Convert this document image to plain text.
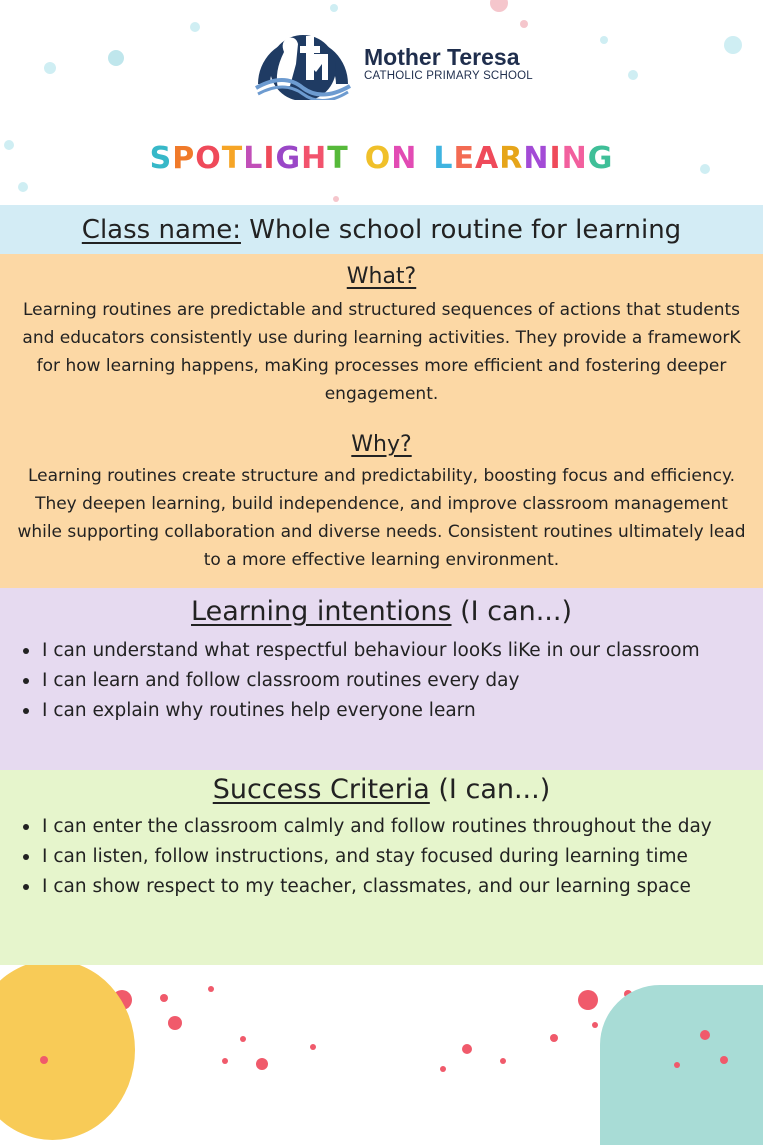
Mother Teresa
CATHOLIC PRIMARY SCHOOL
SPOTLIGHT ON LEARNING
Class name: Whole school routine for learning
What?
Learning routines are predictable and structured sequences of actions that students and educators consistently use during learning activities. They provide a frameworK for how learning happens, maKing processes more efficient and fostering deeper engagement.
Why?
Learning routines create structure and predictability, boosting focus and efficiency. They deepen learning, build independence, and improve classroom management while supporting collaboration and diverse needs. Consistent routines ultimately lead to a more effective learning environment.
Learning intentions (I can...)
I can understand what respectful behaviour looKs liKe in our classroom
I can learn and follow classroom routines every day
I can explain why routines help everyone learn
Success Criteria (I can...)
I can enter the classroom calmly and follow routines throughout the day
I can listen, follow instructions, and stay focused during learning time
I can show respect to my teacher, classmates, and our learning space
